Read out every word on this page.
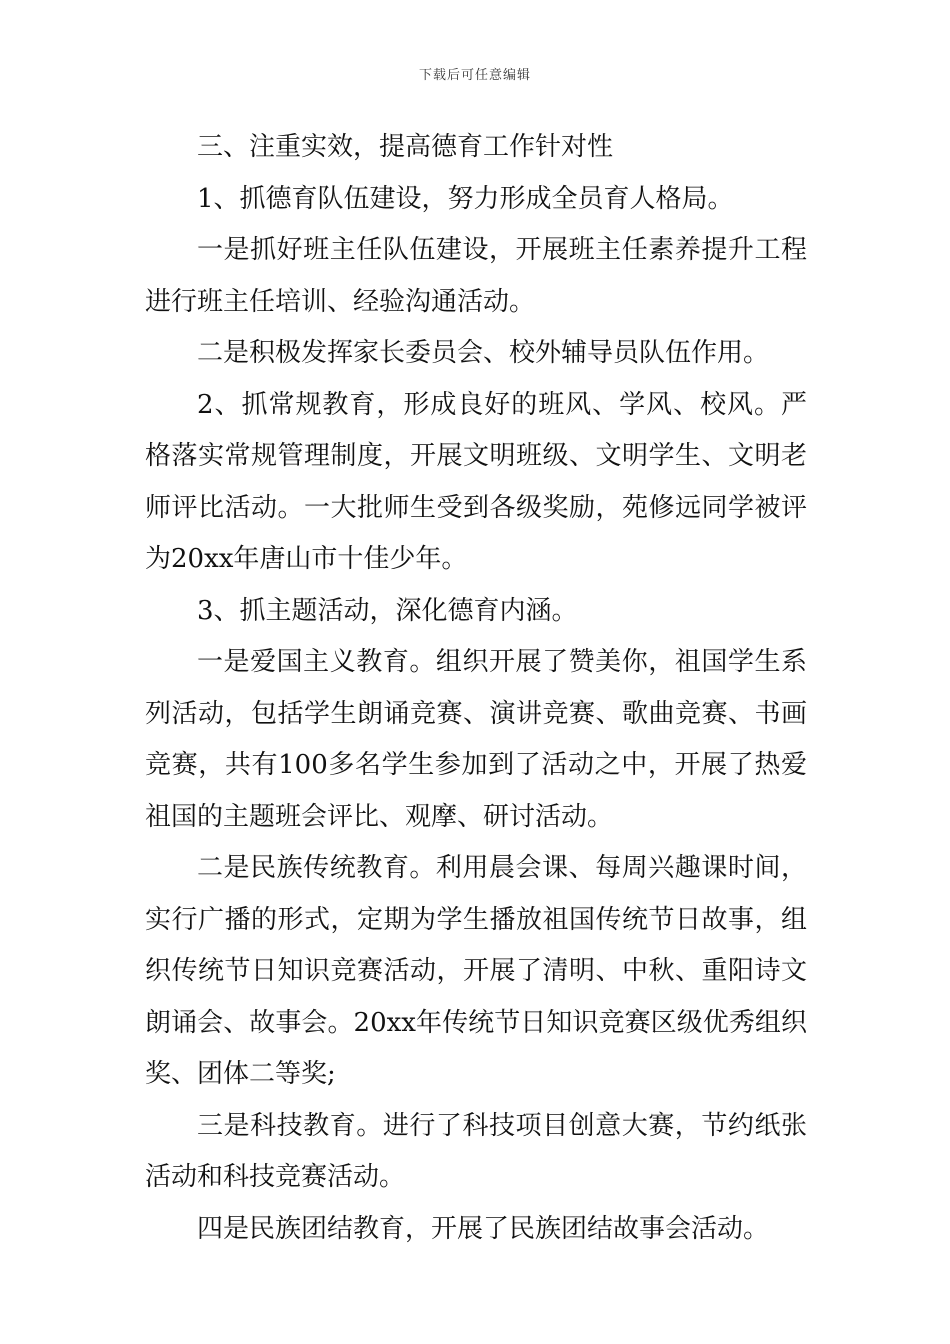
下载后可任意编辑

三、注重实效，提高德育工作针对性

1、抓德育队伍建设，努力形成全员育人格局。

一是抓好班主任队伍建设，开展班主任素养提升工程进行班主任培训、经验沟通活动。

二是积极发挥家长委员会、校外辅导员队伍作用。

2、抓常规教育，形成良好的班风、学风、校风。严格落实常规管理制度，开展文明班级、文明学生、文明老师评比活动。一大批师生受到各级奖励，苑修远同学被评为20xx年唐山市十佳少年。

3、抓主题活动，深化德育内涵。

一是爱国主义教育。组织开展了赞美你，祖国学生系列活动，包括学生朗诵竞赛、演讲竞赛、歌曲竞赛、书画竞赛，共有100多名学生参加到了活动之中，开展了热爱祖国的主题班会评比、观摩、研讨活动。

二是民族传统教育。利用晨会课、每周兴趣课时间，实行广播的形式，定期为学生播放祖国传统节日故事，组织传统节日知识竞赛活动，开展了清明、中秋、重阳诗文朗诵会、故事会。20xx年传统节日知识竞赛区级优秀组织奖、团体二等奖;

三是科技教育。进行了科技项目创意大赛，节约纸张活动和科技竞赛活动。

四是民族团结教育，开展了民族团结故事会活动。
